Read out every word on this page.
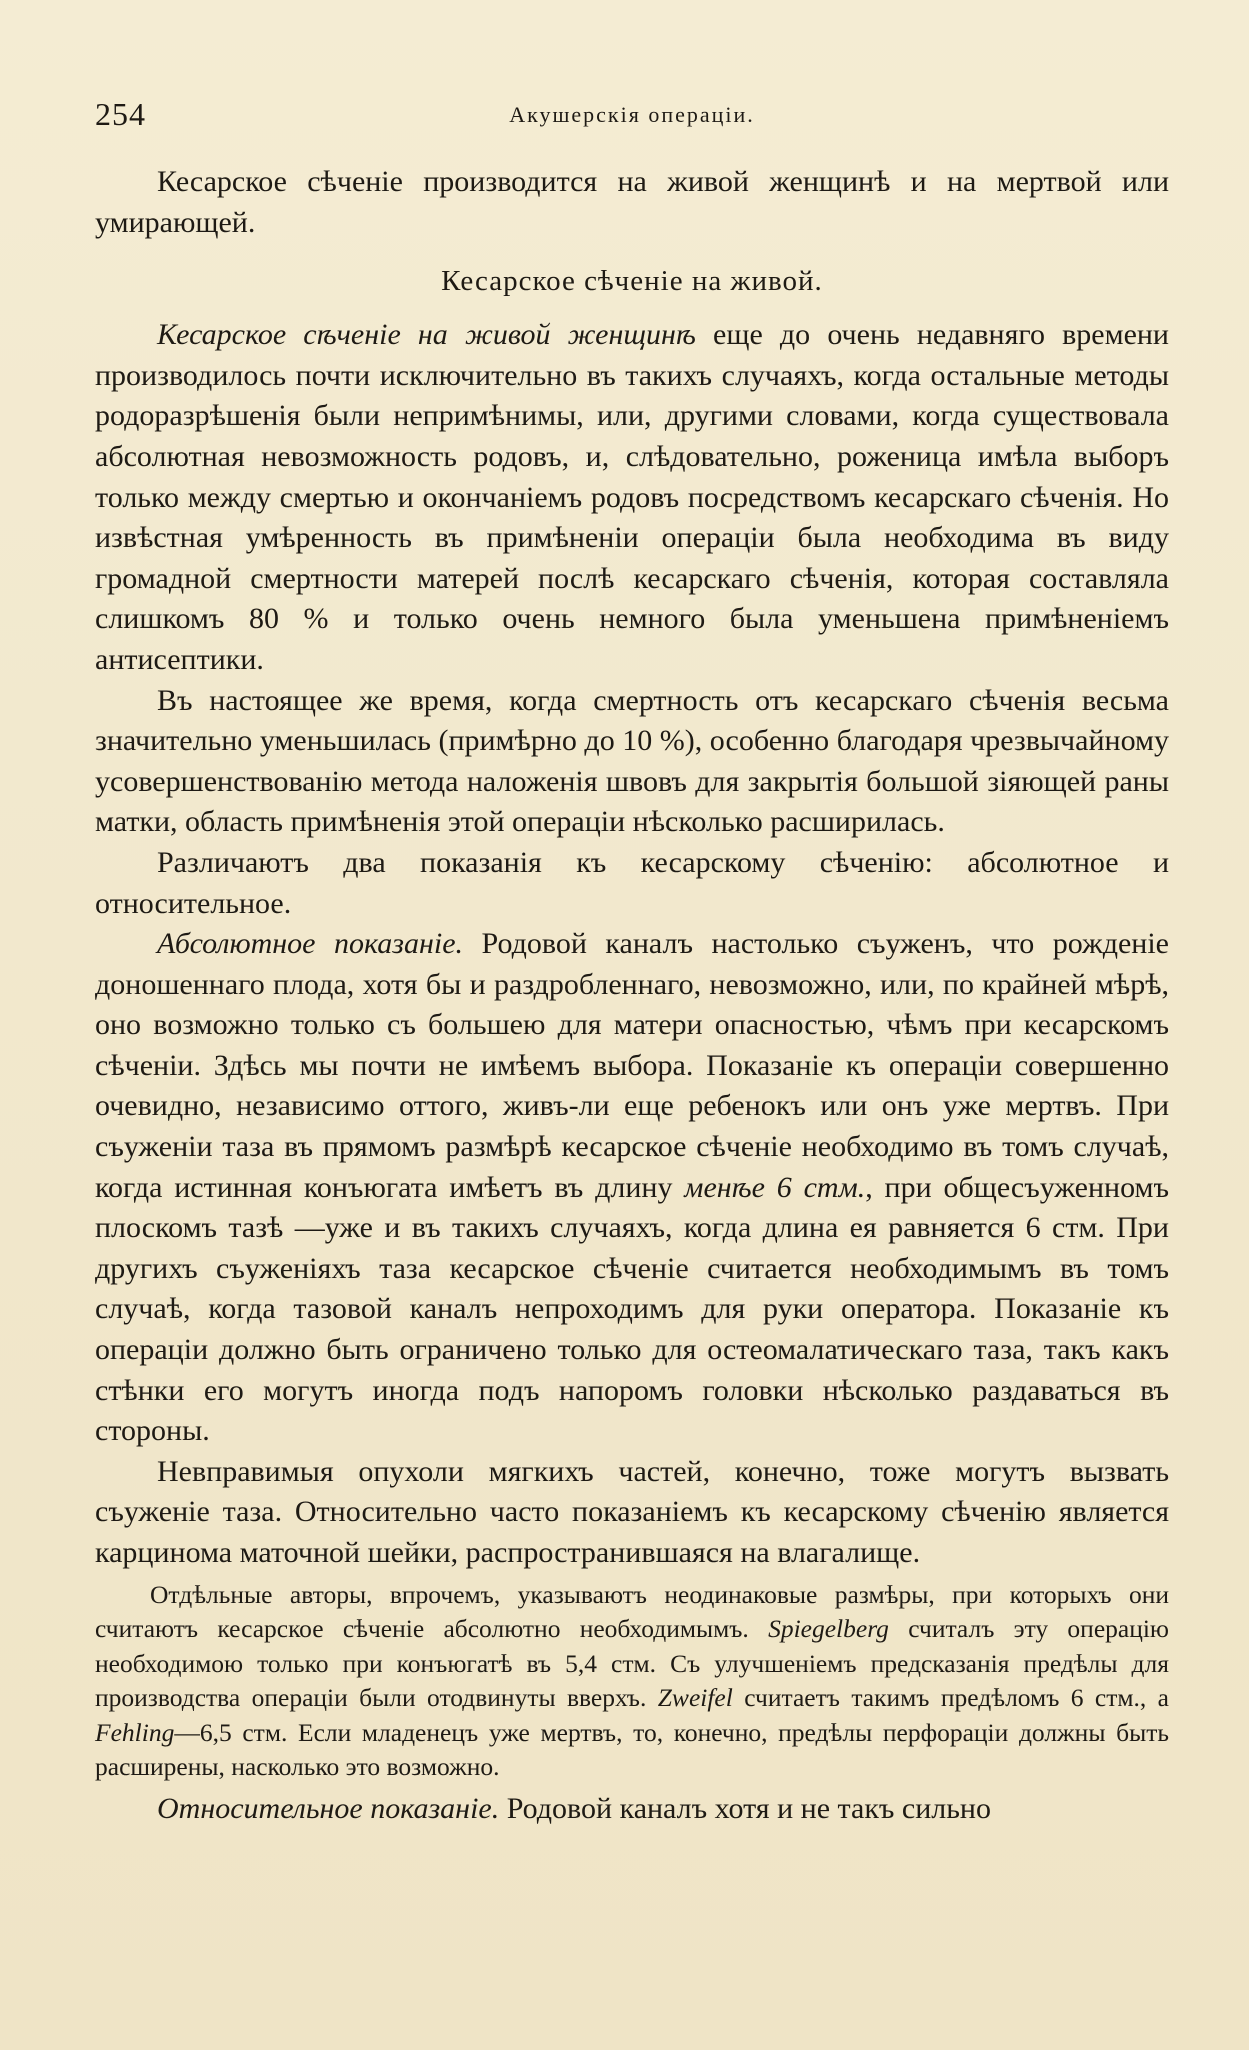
254	Акушерскія операціи.

Кесарское сѣченіе производится на живой женщинѣ и на мертвой или умирающей.

Кесарское сѣченіе на живой.

Кесарское сѣченіе на живой женщинѣ еще до очень недавняго времени производилось почти исключительно въ такихъ случаяхъ, когда остальные методы родоразрѣшенія были непримѣнимы, или, другими словами, когда существовала абсолютная невозможность родовъ, и, слѣдовательно, роженица имѣла выборъ только между смертью и окончаніемъ родовъ посредствомъ кесарскаго сѣченія. Но извѣстная умѣренность въ примѣненіи операціи была необходима въ виду громадной смертности матерей послѣ кесарскаго сѣченія, которая составляла слишкомъ 80 % и только очень немного была уменьшена примѣненіемъ антисептики.

Въ настоящее же время, когда смертность отъ кесарскаго сѣченія весьма значительно уменьшилась (примѣрно до 10 %), особенно благодаря чрезвычайному усовершенствованію метода наложенія швовъ для закрытія большой зіяющей раны матки, область примѣненія этой операціи нѣсколько расширилась.

Различаютъ два показанія къ кесарскому сѣченію: абсолютное и относительное.

Абсолютное показаніе. Родовой каналъ настолько съуженъ, что рожденіе доношеннаго плода, хотя бы и раздробленнаго, невозможно, или, по крайней мѣрѣ, оно возможно только съ большею для матери опасностью, чѣмъ при кесарскомъ сѣченіи. Здѣсь мы почти не имѣемъ выбора. Показаніе къ операціи совершенно очевидно, независимо оттого, живъ-ли еще ребенокъ или онъ уже мертвъ. При съуженіи таза въ прямомъ размѣрѣ кесарское сѣченіе необходимо въ томъ случаѣ, когда истинная конъюгата имѣетъ въ длину менѣе 6 стм., при общесъуженномъ плоскомъ тазѣ —уже и въ такихъ случаяхъ, когда длина ея равняется 6 стм. При другихъ съуженіяхъ таза кесарское сѣченіе считается необходимымъ въ томъ случаѣ, когда тазовой каналъ непроходимъ для руки оператора. Показаніе къ операціи должно быть ограничено только для остеомалатическаго таза, такъ какъ стѣнки его могутъ иногда подъ напоромъ головки нѣсколько раздаваться въ стороны.

Невправимыя опухоли мягкихъ частей, конечно, тоже могутъ вызвать съуженіе таза. Относительно часто показаніемъ къ кесарскому сѣченію является карцинома маточной шейки, распространившаяся на влагалище.

Отдѣльные авторы, впрочемъ, указываютъ неодинаковые размѣры, при которыхъ они считаютъ кесарское сѣченіе абсолютно необходимымъ. Spiegelberg считалъ эту операцію необходимою только при конъюгатѣ въ 5,4 стм. Съ улучшеніемъ предсказанія предѣлы для производства операціи были отодвинуты вверхъ. Zweifel считаетъ такимъ предѣломъ 6 стм., а Fehling—6,5 стм. Если младенецъ уже мертвъ, то, конечно, предѣлы перфораціи должны быть расширены, насколько это возможно.

Относительное показаніе. Родовой каналъ хотя и не такъ сильно
